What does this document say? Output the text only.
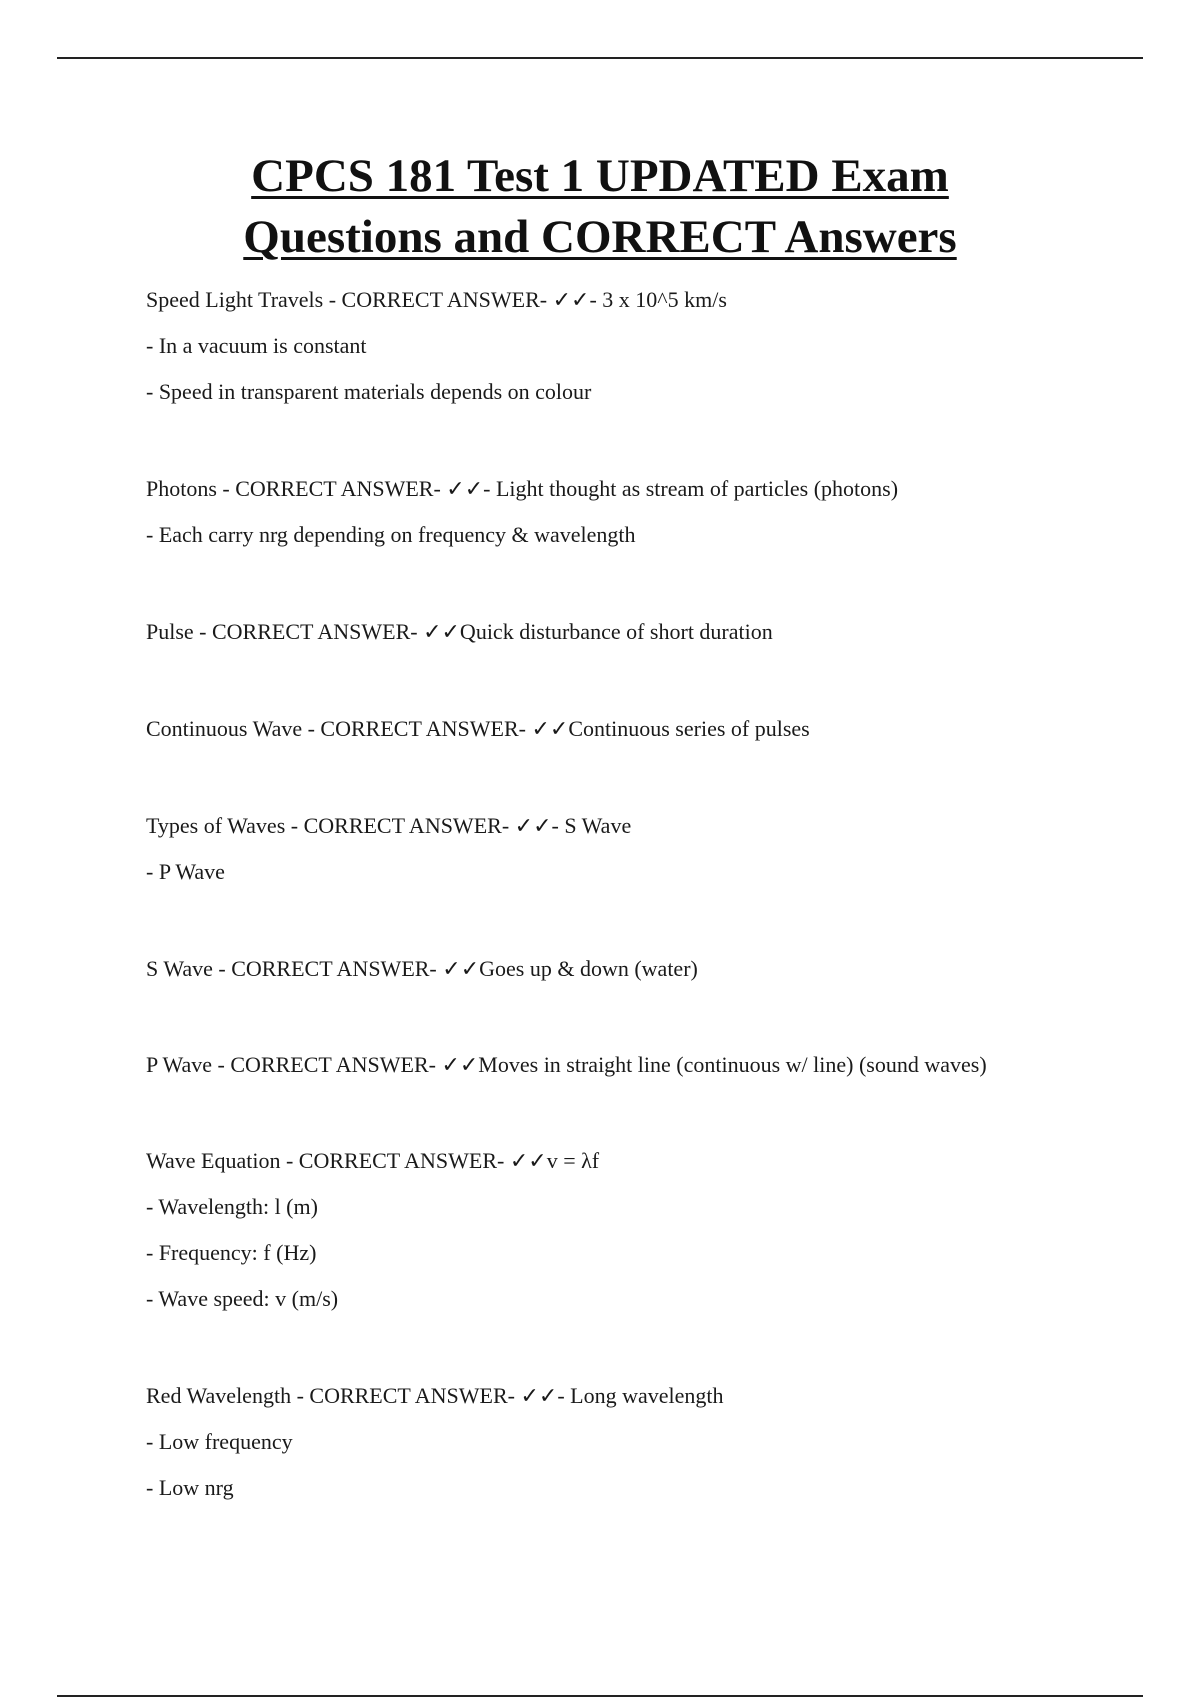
CPCS 181 Test 1 UPDATED Exam
Questions and CORRECT Answers
Speed Light Travels - CORRECT ANSWER- ✓✓- 3 x 10^5 km/s
- In a vacuum is constant
- Speed in transparent materials depends on colour
Photons - CORRECT ANSWER- ✓✓- Light thought as stream of particles (photons)
- Each carry nrg depending on frequency & wavelength
Pulse - CORRECT ANSWER- ✓✓Quick disturbance of short duration
Continuous Wave - CORRECT ANSWER- ✓✓Continuous series of pulses
Types of Waves - CORRECT ANSWER- ✓✓- S Wave
- P Wave
S Wave - CORRECT ANSWER- ✓✓Goes up & down (water)
P Wave - CORRECT ANSWER- ✓✓Moves in straight line (continuous w/ line) (sound waves)
Wave Equation - CORRECT ANSWER- ✓✓v = λf
- Wavelength: l (m)
- Frequency: f (Hz)
- Wave speed: v (m/s)
Red Wavelength - CORRECT ANSWER- ✓✓- Long wavelength
- Low frequency
- Low nrg
